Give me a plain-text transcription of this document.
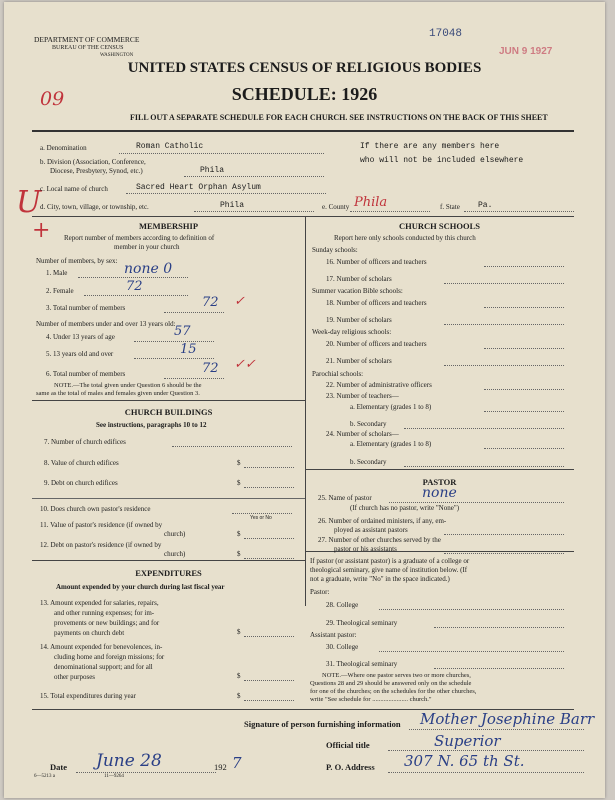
DEPARTMENT OF COMMERCE
BUREAU OF THE CENSUS
WASHINGTON
17048
JUN 9 1927
UNITED STATES CENSUS OF RELIGIOUS BODIES
SCHEDULE: 1926
09
FILL OUT A SEPARATE SCHEDULE FOR EACH CHURCH. SEE INSTRUCTIONS ON THE BACK OF THIS SHEET
a. Denomination	Roman Catholic	If there are any members here
who will not be included elsewhere
b. Division (Association, Conference,
Diocese, Presbytery, Synod, etc.)	Phila
U
c. Local name of church	Sacred Heart Orphan Asylum
+
d. City, town, village, or township, etc.	Phila	e. County Phila	f. State Pa.
MEMBERSHIP
Report number of members according to definition of
member in your church
Number of members, by sex:
1. Male	none 0
2. Female	72
3. Total number of members	72 ✓
Number of members under and over 13 years old:
4. Under 13 years of age	57
5. 13 years old and over	15
6. Total number of members	72 ✓✓
NOTE.—The total given under Question 6 should be the
same as the total of males and females given under Question 3.
CHURCH BUILDINGS
See instructions, paragraphs 10 to 12
7. Number of church edifices
8. Value of church edifices	$
9. Debt on church edifices	$
10. Does church own pastor's residence
Yes or No
11. Value of pastor's residence (if owned by
church)	$
12. Debt on pastor's residence (if owned by
church)	$
EXPENDITURES
Amount expended by your church during last fiscal year
13. Amount expended for salaries, repairs,
and other running expenses; for im-
provements or new buildings; and for
payments on church debt	$
14. Amount expended for benevolences, in-
cluding home and foreign missions; for
denominational support; and for all
other purposes	$
15. Total expenditures during year	$
CHURCH SCHOOLS
Report here only schools conducted by this church
Sunday schools:
16. Number of officers and teachers
17. Number of scholars
Summer vacation Bible schools:
18. Number of officers and teachers
19. Number of scholars
Week-day religious schools:
20. Number of officers and teachers
21. Number of scholars
Parochial schools:
22. Number of administrative officers
23. Number of teachers—
a. Elementary (grades 1 to 8)
b. Secondary
24. Number of scholars—
a. Elementary (grades 1 to 8)
b. Secondary
PASTOR
25. Name of pastor	none
(If church has no pastor, write "None")
26. Number of ordained ministers, if any, em-
ployed as assistant pastors
27. Number of other churches served by the
pastor or his assistants
If pastor (or assistant pastor) is a graduate of a college or
theological seminary, give name of institution below. (If
not a graduate, write "No" in the space indicated.)
Pastor:
28. College
29. Theological seminary
Assistant pastor:
30. College
31. Theological seminary
NOTE.—Where one pastor serves two or more churches,
Questions 28 and 29 should be answered only on the schedule
for one of the churches; on the schedules for the other churches,
write "See schedule for ...................... church."
Signature of person furnishing information Mother Josephine Barr
Official title	Superior
Date June 28	192 7	P. O. Address 307 N. 65 th St.
6—5213 a	11—9264
